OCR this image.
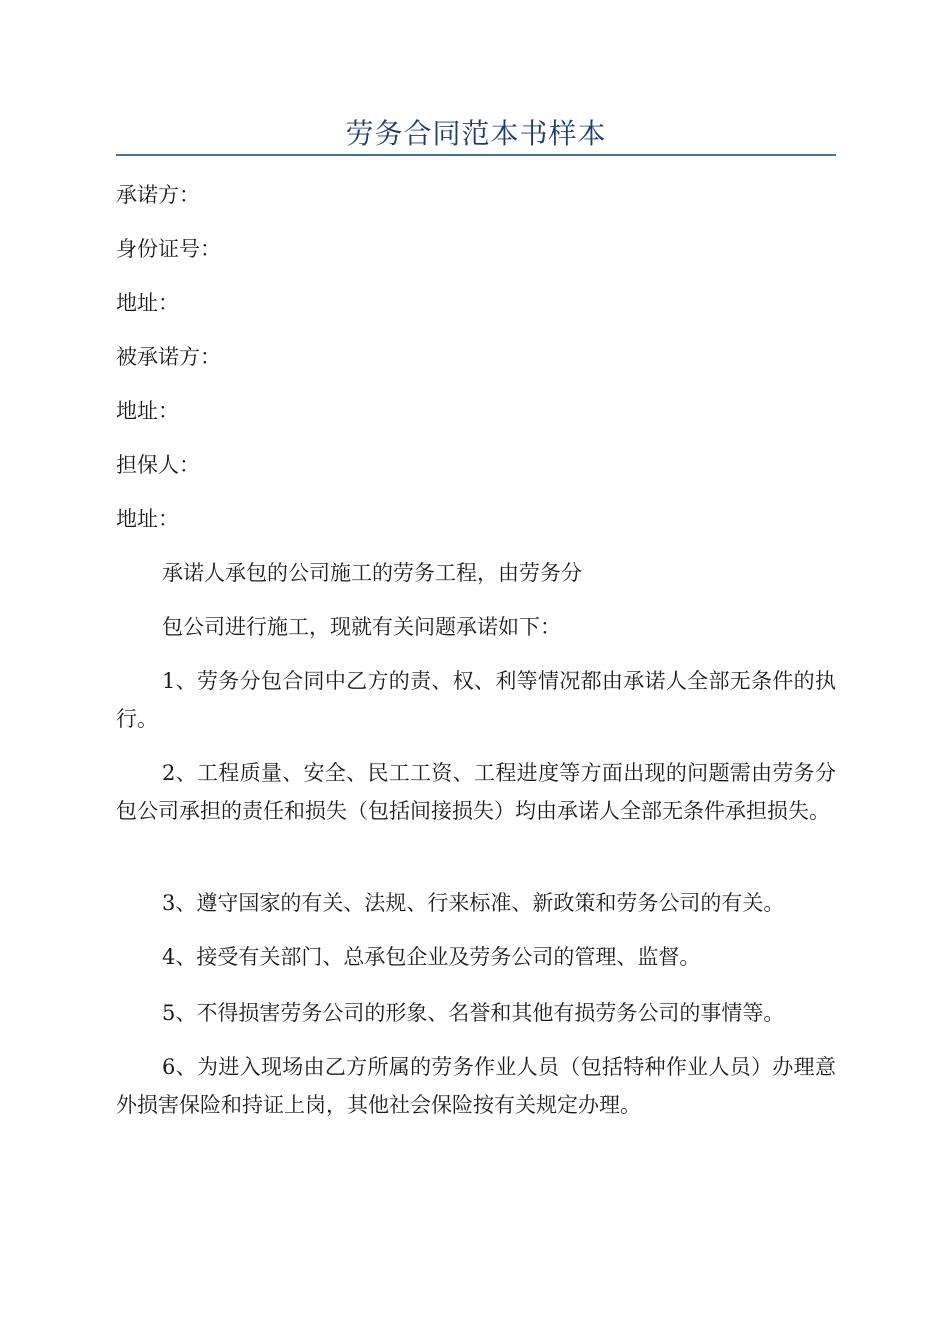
劳务合同范本书样本
承诺方：
身份证号：
地址：
被承诺方：
地址：
担保人：
地址：
承诺人承包的公司施工的劳务工程，由劳务分
包公司进行施工，现就有关问题承诺如下：
1、劳务分包合同中乙方的责、权、利等情况都由承诺人全部无条件的执行。
2、工程质量、安全、民工工资、工程进度等方面出现的问题需由劳务分包公司承担的责任和损失（包括间接损失）均由承诺人全部无条件承担损失。
3、遵守国家的有关、法规、行来标准、新政策和劳务公司的有关。
4、接受有关部门、总承包企业及劳务公司的管理、监督。
5、不得损害劳务公司的形象、名誉和其他有损劳务公司的事情等。
6、为进入现场由乙方所属的劳务作业人员（包括特种作业人员）办理意外损害保险和持证上岗，其他社会保险按有关规定办理。
